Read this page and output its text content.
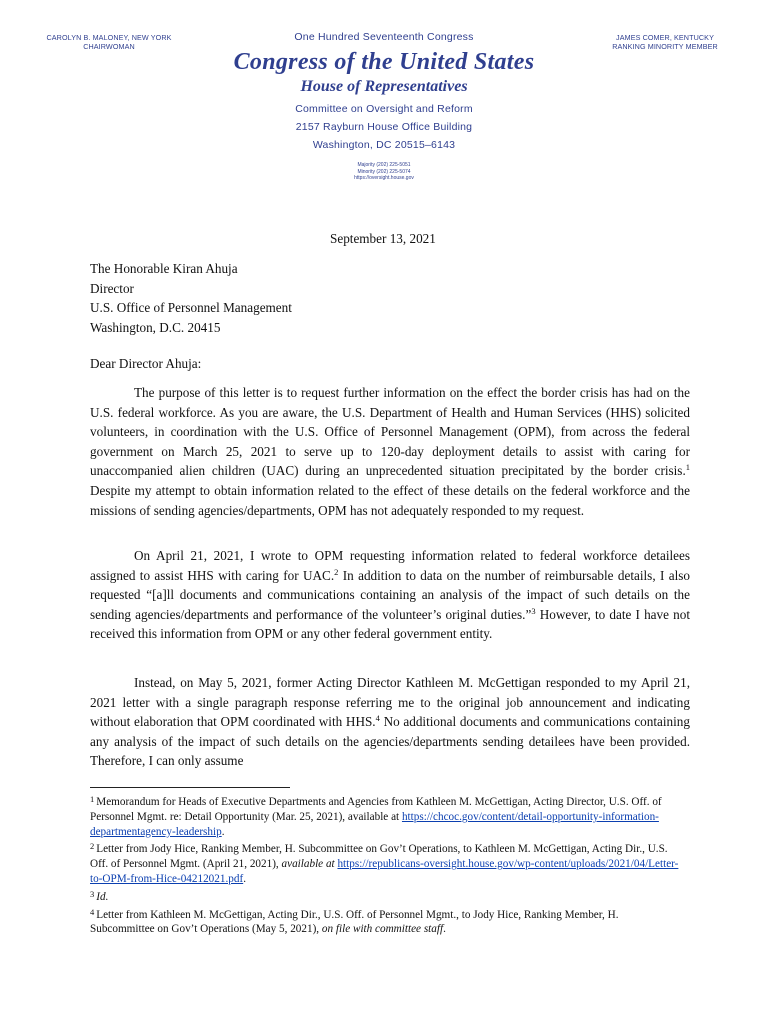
CAROLYN B. MALONEY, NEW YORK
CHAIRWOMAN
One Hundred Seventeenth Congress
Congress of the United States
House of Representatives
Committee on Oversight and Reform
2157 Rayburn House Office Building
Washington, DC 20515–6143
Majority (202) 225-5051
Minority (202) 225-5074
https://oversight.house.gov
JAMES COMER, KENTUCKY
RANKING MINORITY MEMBER
September 13, 2021
The Honorable Kiran Ahuja
Director
U.S. Office of Personnel Management
Washington, D.C. 20415
Dear Director Ahuja:

The purpose of this letter is to request further information on the effect the border crisis has had on the U.S. federal workforce. As you are aware, the U.S. Department of Health and Human Services (HHS) solicited volunteers, in coordination with the U.S. Office of Personnel Management (OPM), from across the federal government on March 25, 2021 to serve up to 120-day deployment details to assist with caring for unaccompanied alien children (UAC) during an unprecedented situation precipitated by the border crisis.$^1$ Despite my attempt to obtain information related to the effect of these details on the federal workforce and the missions of sending agencies/departments, OPM has not adequately responded to my request.

On April 21, 2021, I wrote to OPM requesting information related to federal workforce detailees assigned to assist HHS with caring for UAC.$^2$ In addition to data on the number of reimbursable details, I also requested “[a]ll documents and communications containing an analysis of the impact of such details on the sending agencies/departments and performance of the volunteer’s original duties.”$^3$ However, to date I have not received this information from OPM or any other federal government entity.

Instead, on May 5, 2021, former Acting Director Kathleen M. McGettigan responded to my April 21, 2021 letter with a single paragraph response referring me to the original job announcement and indicating without elaboration that OPM coordinated with HHS.$^4$ No additional documents and communications containing any analysis of the impact of such details on the agencies/departments sending detailees have been provided. Therefore, I can only assume

$^1$ Memorandum for Heads of Executive Departments and Agencies from Kathleen M. McGettigan, Acting Director, U.S. Off. of Personnel Mgmt. re: Detail Opportunity (Mar. 25, 2021), available at https://chcoc.gov/content/detail-opportunity-information-departmentagency-leadership.

$^2$ Letter from Jody Hice, Ranking Member, H. Subcommittee on Gov’t Operations, to Kathleen M. McGettigan, Acting Dir., U.S. Off. of Personnel Mgmt. (April 21, 2021), available at https://republicans-oversight.house.gov/wp-content/uploads/2021/04/Letter-to-OPM-from-Hice-04212021.pdf.

$^3$ Id.

$^4$ Letter from Kathleen M. McGettigan, Acting Dir., U.S. Off. of Personnel Mgmt., to Jody Hice, Ranking Member, H. Subcommittee on Gov’t Operations (May 5, 2021), on file with committee staff.
